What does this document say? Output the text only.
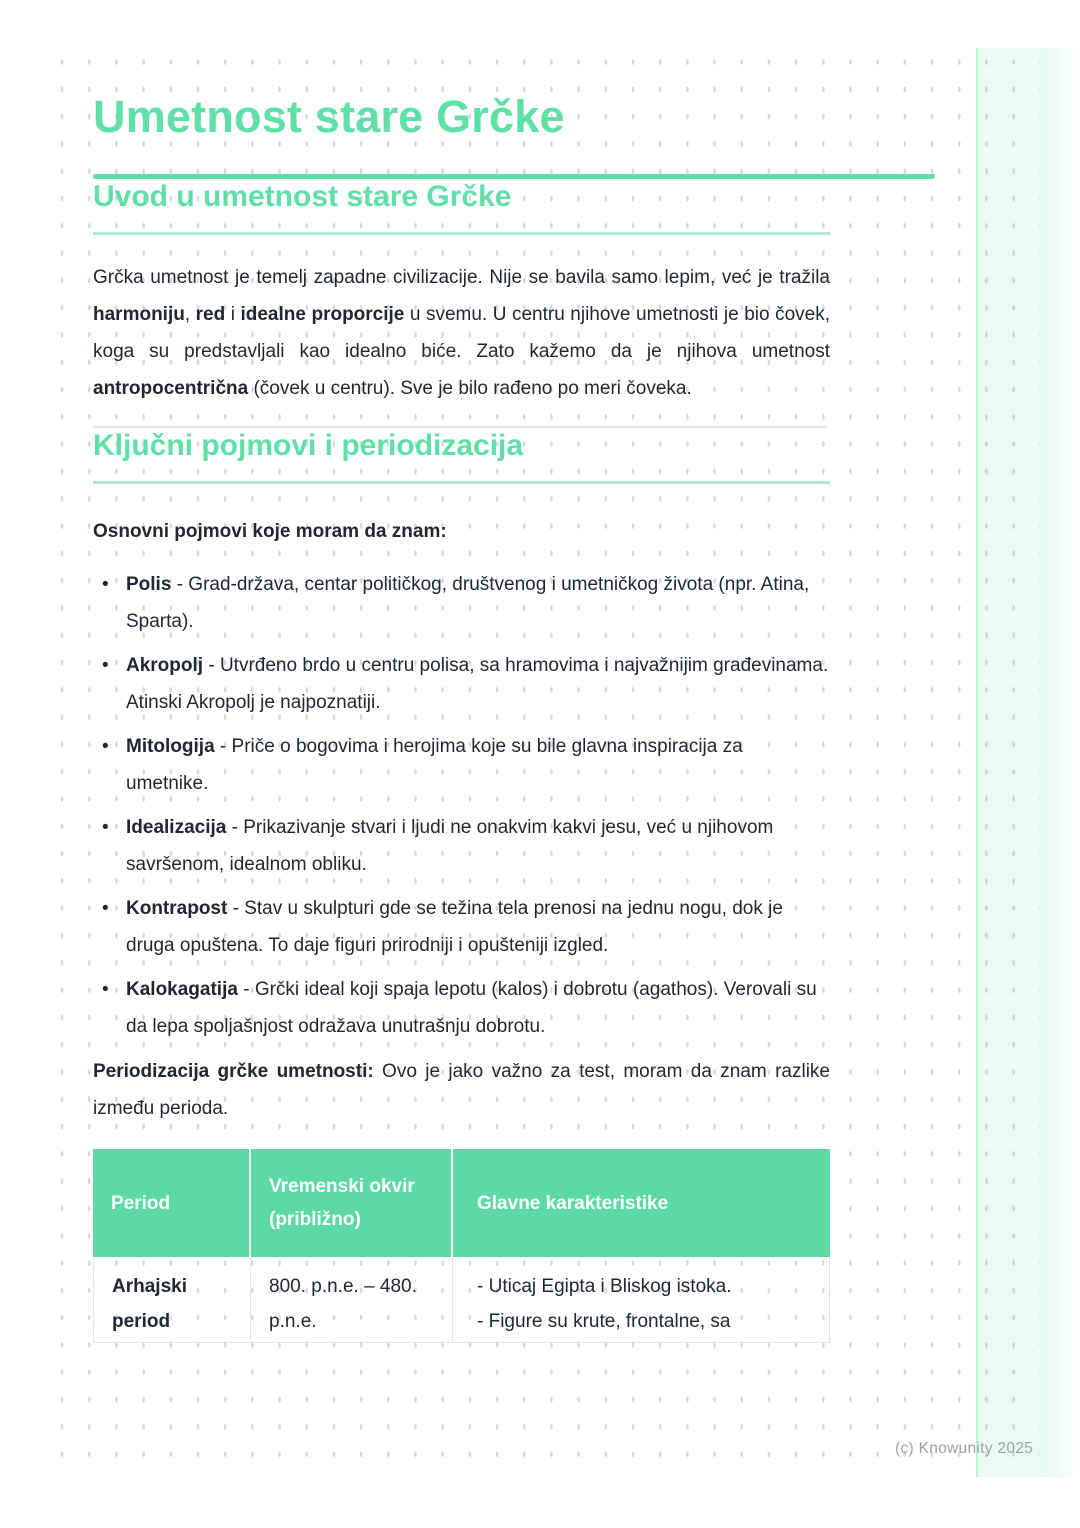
Umetnost stare Grčke
Uvod u umetnost stare Grčke

Grčka umetnost je temelj zapadne civilizacije. Nije se bavila samo lepim, već je tražila harmoniju, red i idealne proporcije u svemu. U centru njihove umetnosti je bio čovek, koga su predstavljali kao idealno biće. Zato kažemo da je njihova umetnost antropocentrična (čovek u centru). Sve je bilo rađeno po meri čoveka.

Ključni pojmovi i periodizacija

Osnovni pojmovi koje moram da znam:

• Polis - Grad-država, centar političkog, društvenog i umetničkog života (npr. Atina, Sparta).
• Akropolj - Utvrđeno brdo u centru polisa, sa hramovima i najvažnijim građevinama. Atinski Akropolj je najpoznatiji.
• Mitologija - Priče o bogovima i herojima koje su bile glavna inspiracija za umetnike.
• Idealizacija - Prikazivanje stvari i ljudi ne onakvim kakvi jesu, već u njihovom savršenom, idealnom obliku.
• Kontrapost - Stav u skulpturi gde se težina tela prenosi na jednu nogu, dok je druga opuštena. To daje figuri prirodniji i opušteniji izgled.
• Kalokagatija - Grčki ideal koji spaja lepotu (kalos) i dobrotu (agathos). Verovali su da lepa spoljašnjost odražava unutrašnju dobrotu.

Periodizacija grčke umetnosti: Ovo je jako važno za test, moram da znam razlike između perioda.

Period	Vremenski okvir (približno)	Glavne karakteristike
Arhajski period	800. p.n.e. – 480. p.n.e.	- Uticaj Egipta i Bliskog istoka.
- Figure su krute, frontalne, sa
(c) Knowunity 2025
